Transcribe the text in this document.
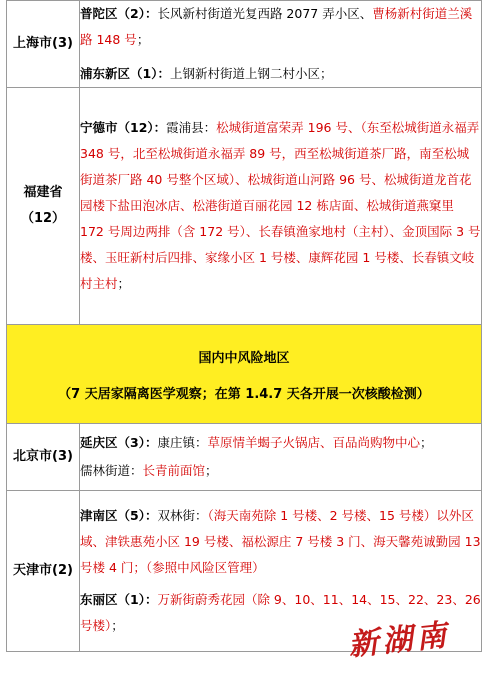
上海市(3)	普陀区（2）：长风新村街道光复西路 2077 弄小区、曹杨新村街道兰溪路 148 号；

浦东新区（1）：上钢新村街道上钢二村小区；

福建省（12）	宁德市（12）：霞浦县：松城街道富荣弄 196 号、（东至松城街道永福弄 348 号，北至松城街道永福弄 89 号，西至松城街道茶厂路，南至松城街道茶厂路 40 号整个区域）、松城街道山河路 96 号、松城街道龙首花园楼下盐田泡冰店、松港街道百丽花园 12 栋店面、松城街道燕窠里 172 号周边两排（含 172 号）、长春镇渔家地村（主村）、金顶国际 3 号楼、玉旺新村后四排、家缘小区 1 号楼、康辉花园 1 号楼、长春镇文岐村主村；

国内中风险地区
（7 天居家隔离医学观察；在第 1.4.7 天各开展一次核酸检测）	

北京市(3)	延庆区（3）：康庄镇：草原情羊蝎子火锅店、百品尚购物中心；

儒林街道：长青前面馆；

天津市(2)	津南区（5）：双林街：（海天南苑除 1 号楼、2 号楼、15 号楼）以外区域、津铁惠苑小区 19 号楼、福松源庄 7 号楼 3 门、海天馨苑诚勤园 13 号楼 4 门；（参照中风险区管理）

东丽区（1）：万新街蔚秀花园（除 9、10、11、14、15、22、23、26 号楼）；	新湖南
